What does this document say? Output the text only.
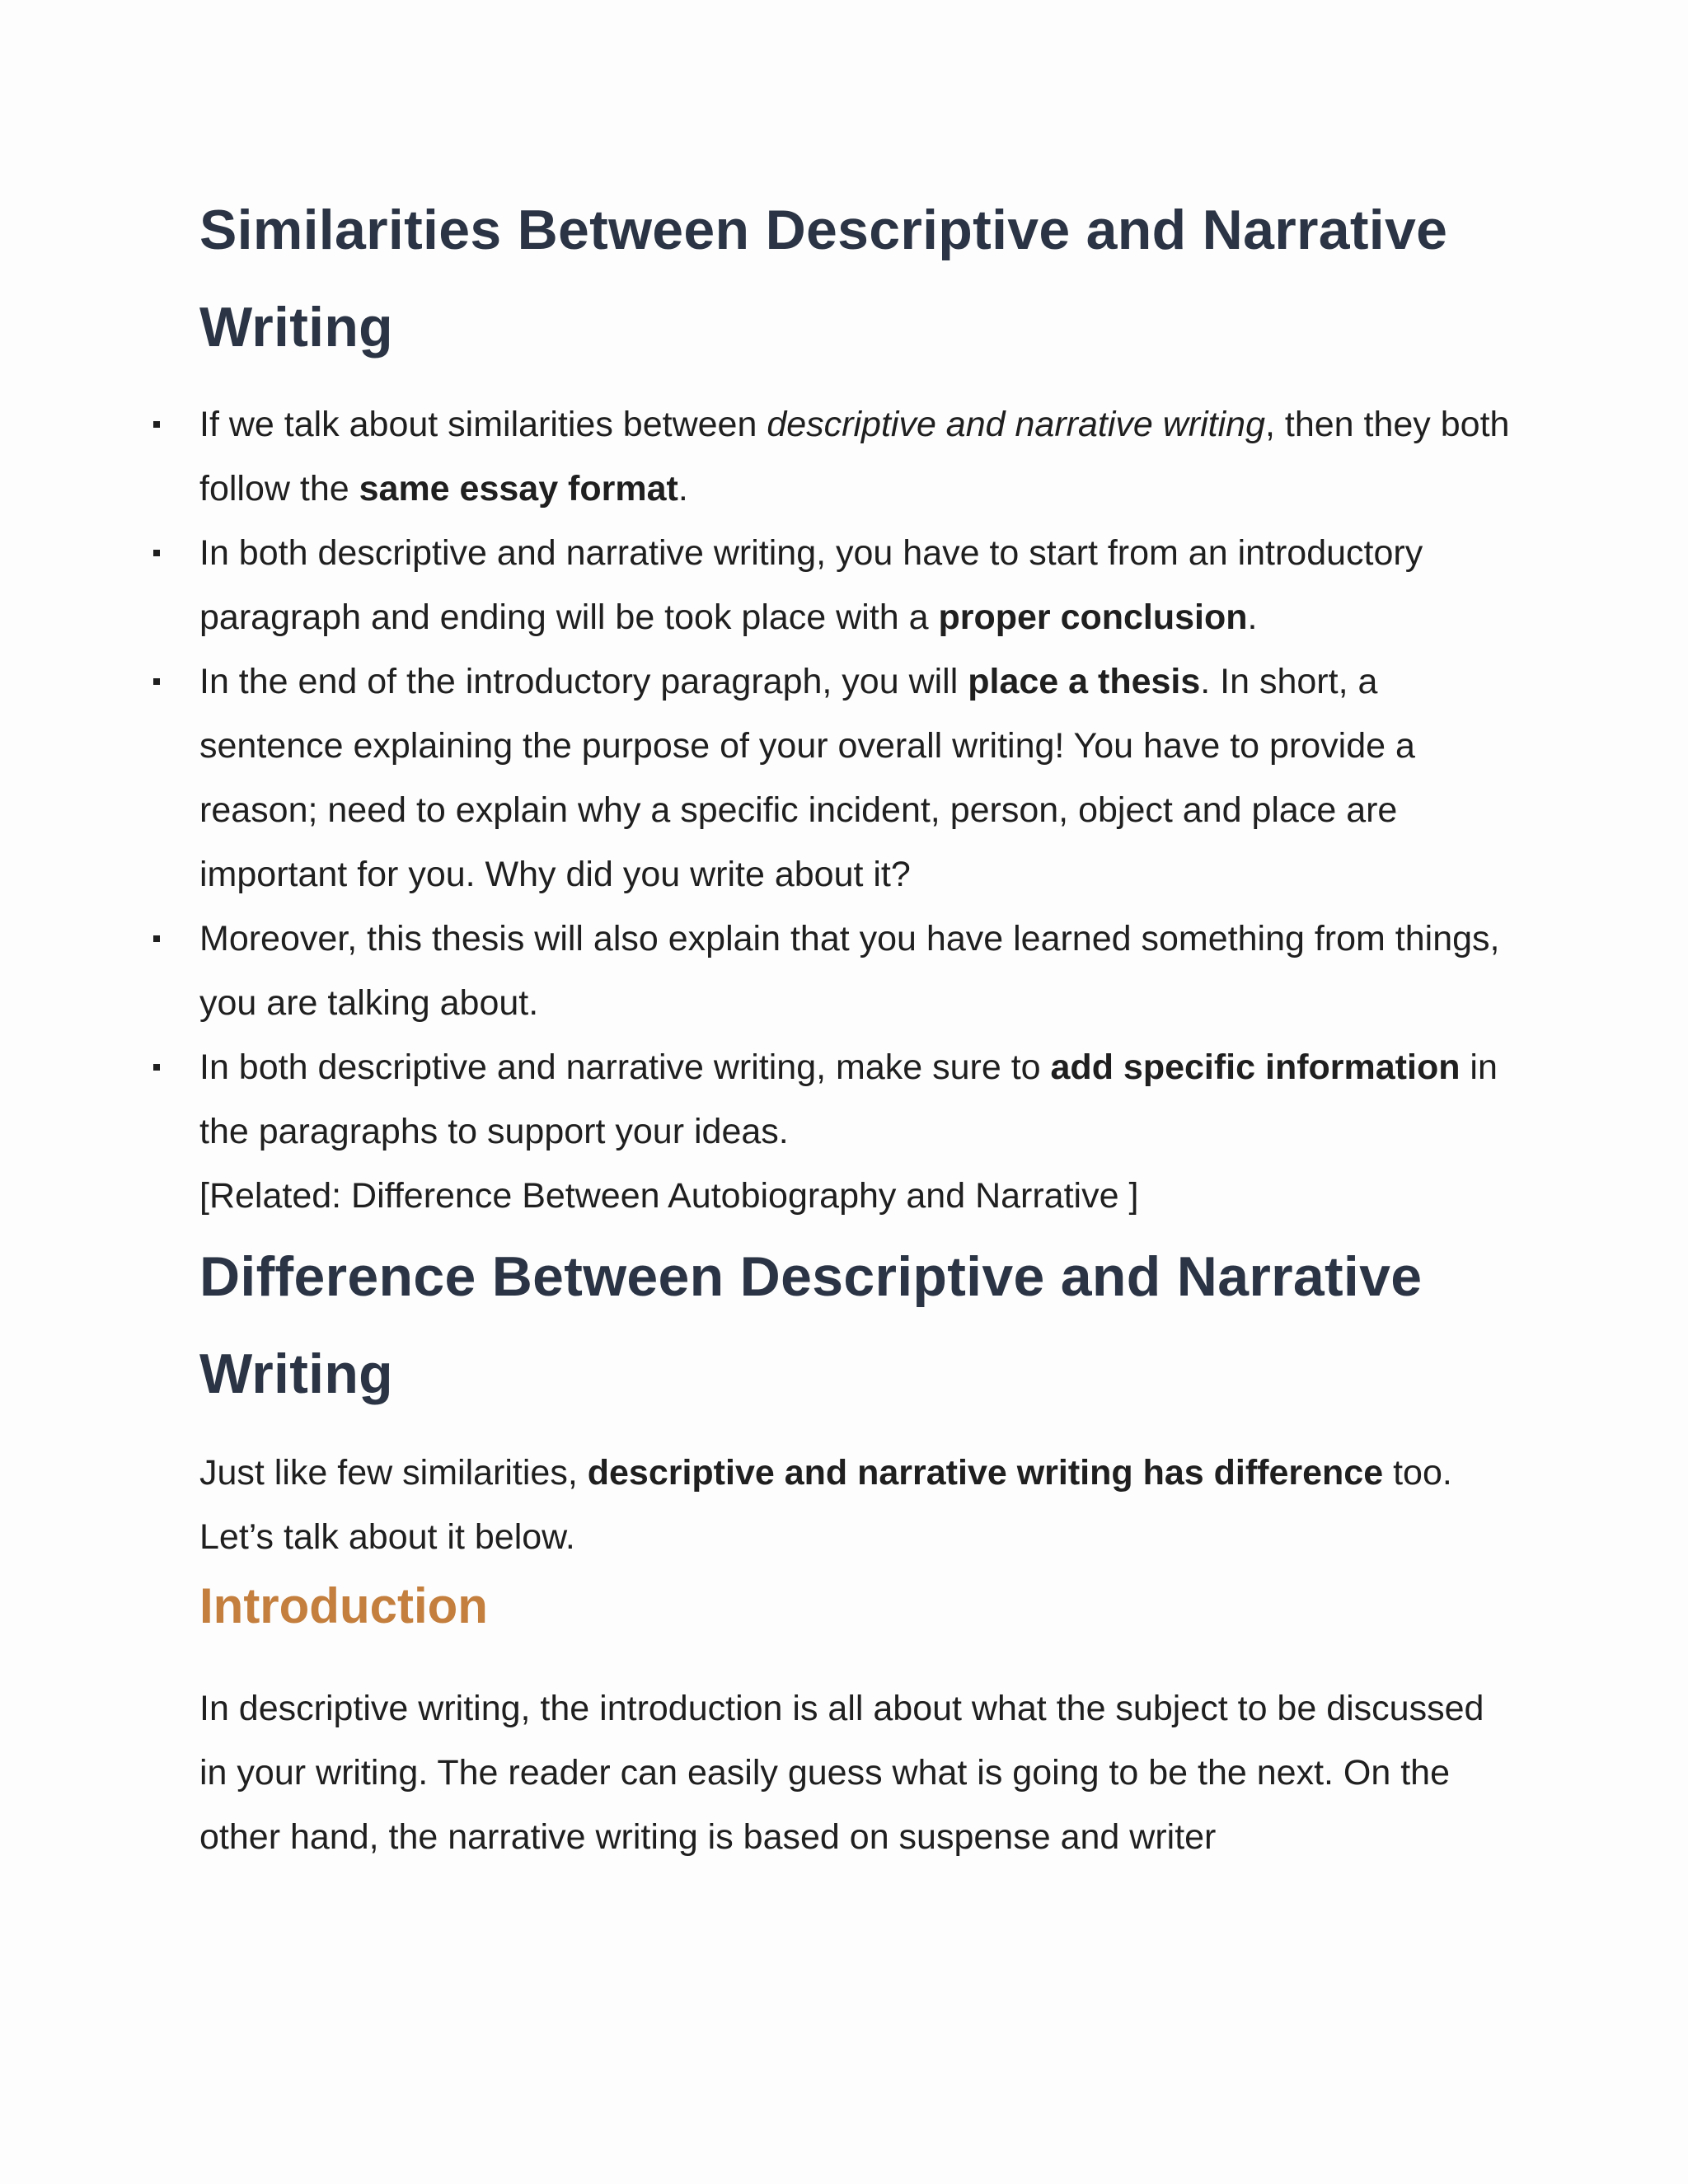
Similarities Between Descriptive and Narrative Writing
If we talk about similarities between descriptive and narrative writing, then they both follow the same essay format.
In both descriptive and narrative writing, you have to start from an introductory paragraph and ending will be took place with a proper conclusion.
In the end of the introductory paragraph, you will place a thesis. In short, a sentence explaining the purpose of your overall writing! You have to provide a reason; need to explain why a specific incident, person, object and place are important for you. Why did you write about it?
Moreover, this thesis will also explain that you have learned something from things, you are talking about.
In both descriptive and narrative writing, make sure to add specific information in the paragraphs to support your ideas.

[Related: Difference Between Autobiography and Narrative ]

Difference Between Descriptive and Narrative Writing

Just like few similarities, descriptive and narrative writing has difference too. Let’s talk about it below.

Introduction

In descriptive writing, the introduction is all about what the subject to be discussed in your writing. The reader can easily guess what is going to be the next. On the other hand, the narrative writing is based on suspense and writer
